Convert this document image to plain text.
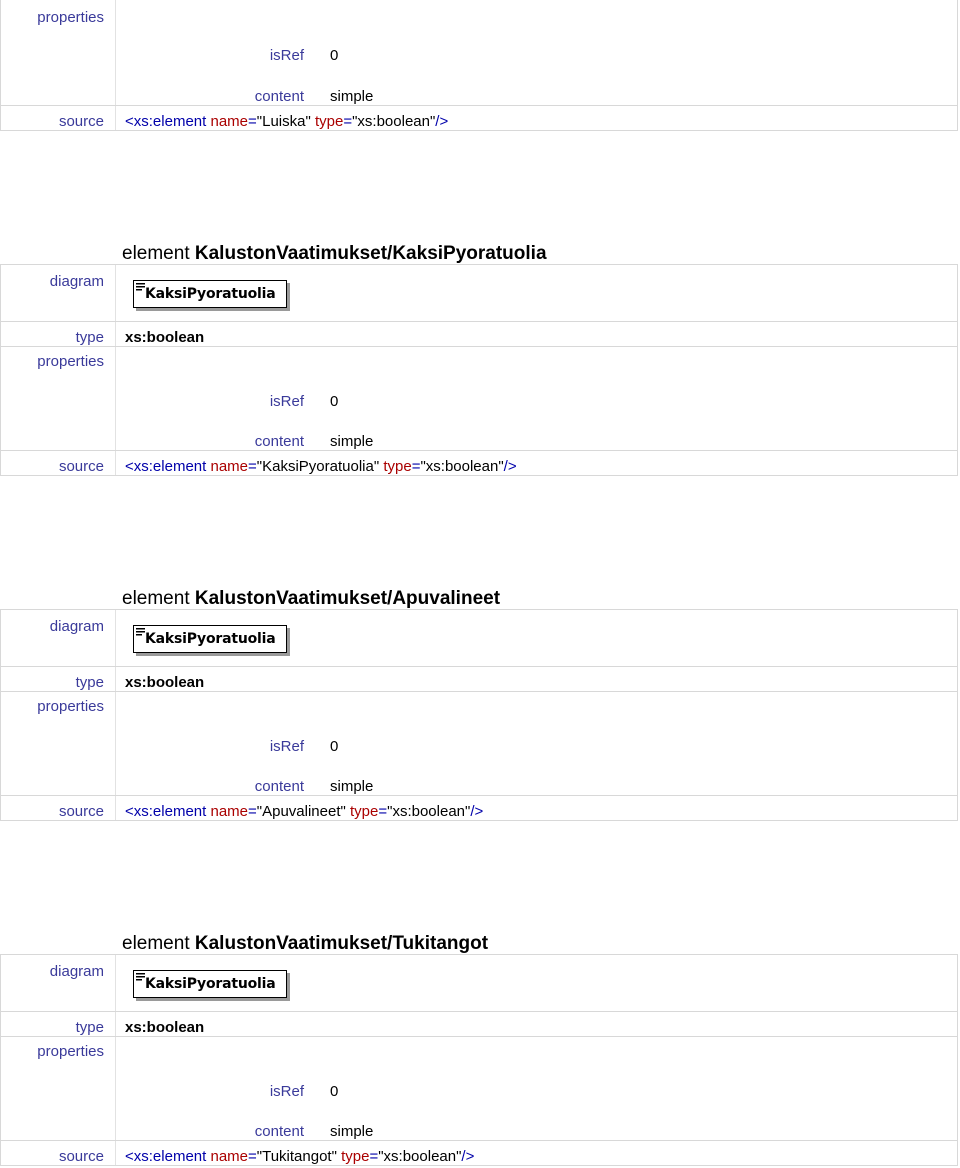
properties
isRef 0
content simple
source <xs:element name="Luiska" type="xs:boolean"/>
element KalustonVaatimukset/KaksiPyoratuolia
diagram
KaksiPyoratuolia
type xs:boolean
properties
isRef 0
content simple
source <xs:element name="KaksiPyoratuolia" type="xs:boolean"/>
element KalustonVaatimukset/Apuvalineet
diagram
KaksiPyoratuolia
type xs:boolean
properties
isRef 0
content simple
source <xs:element name="Apuvalineet" type="xs:boolean"/>
element KalustonVaatimukset/Tukitangot
diagram
KaksiPyoratuolia
type xs:boolean
properties
isRef 0
content simple
source <xs:element name="Tukitangot" type="xs:boolean"/>
